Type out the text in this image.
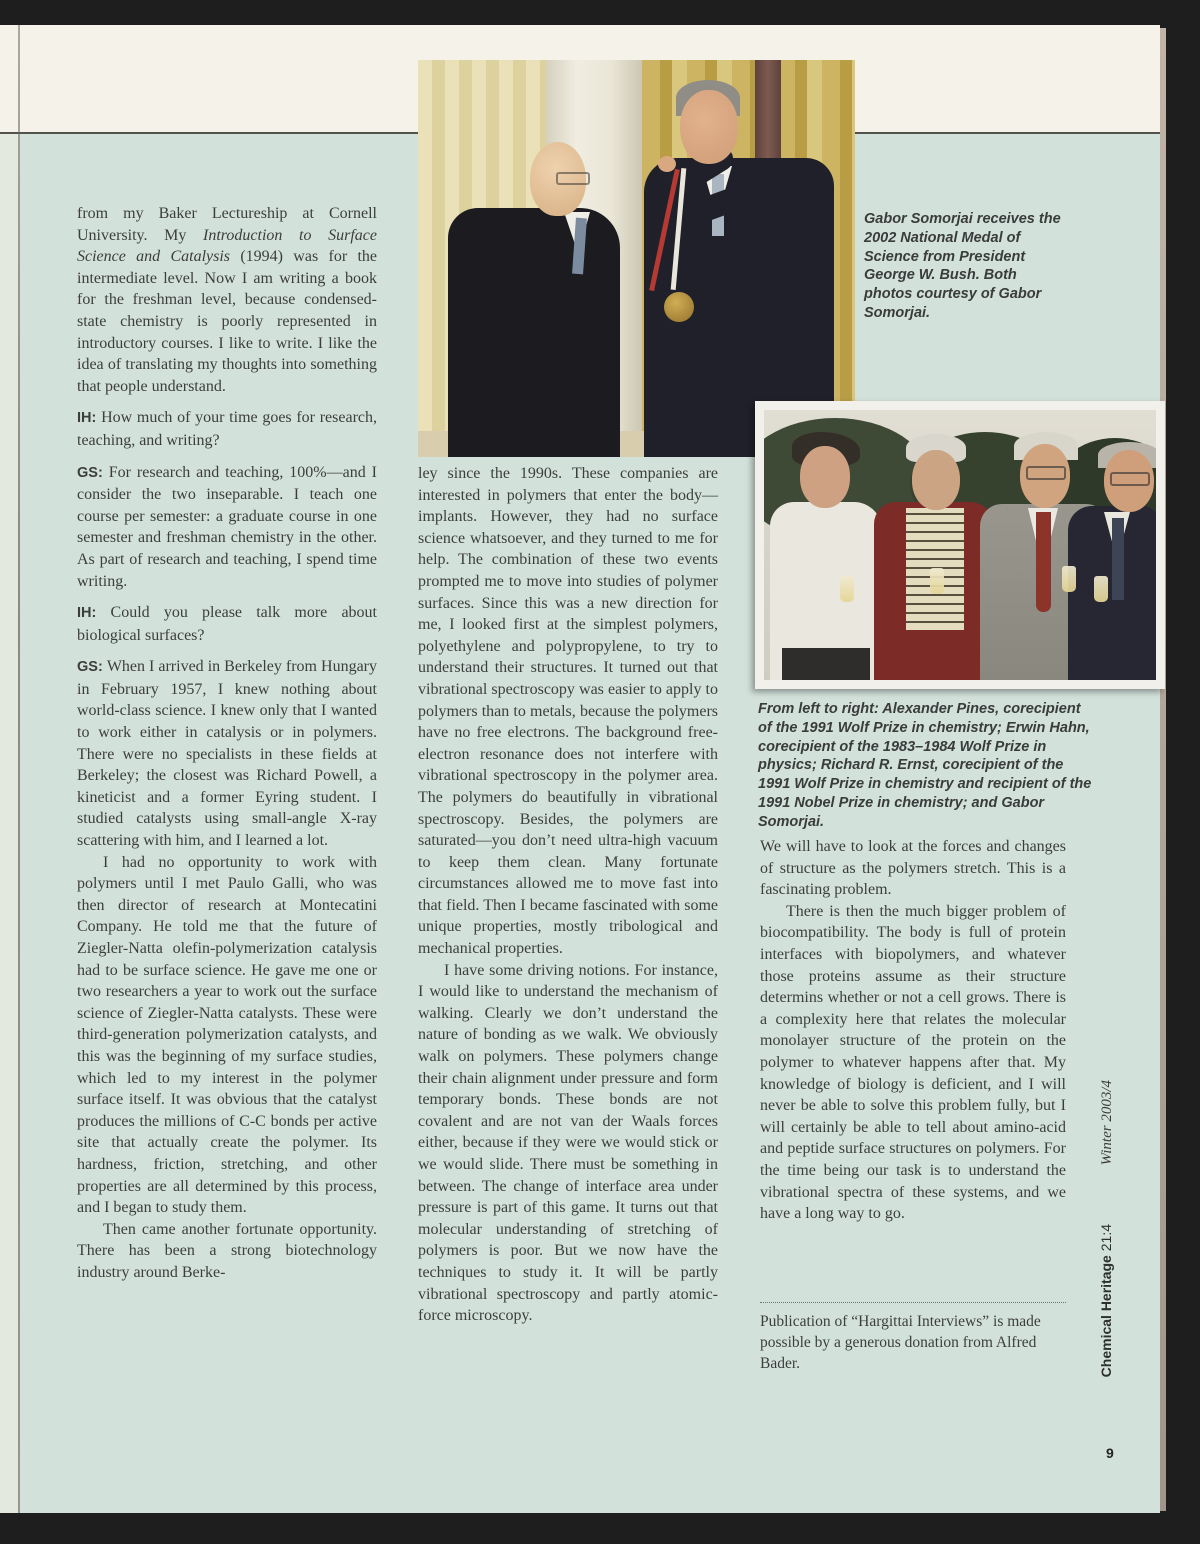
Gabor Somorjai receives the 2002 National Medal of Science from President George W. Bush. Both photos courtesy of Gabor Somorjai.
From left to right: Alexander Pines, corecipient of the 1991 Wolf Prize in chemistry; Erwin Hahn, corecipient of the 1983–1984 Wolf Prize in physics; Richard R. Ernst, corecipient of the 1991 Wolf Prize in chemistry and recipient of the 1991 Nobel Prize in chemistry; and Gabor Somorjai.

from my Baker Lectureship at Cornell University. My Introduction to Surface Science and Catalysis (1994) was for the intermediate level. Now I am writing a book for the freshman level, because condensed-state chemistry is poorly represented in introductory courses. I like to write. I like the idea of translating my thoughts into something that people understand.

IH: How much of your time goes for research, teaching, and writing?

GS: For research and teaching, 100%—and I consider the two inseparable. I teach one course per semester: a graduate course in one semester and freshman chemistry in the other. As part of research and teaching, I spend time writing.

IH: Could you please talk more about biological surfaces?

GS: When I arrived in Berkeley from Hungary in February 1957, I knew nothing about world-class science. I knew only that I wanted to work either in catalysis or in polymers. There were no specialists in these fields at Berkeley; the closest was Richard Powell, a kineticist and a former Eyring student. I studied catalysts using small-angle X-ray scattering with him, and I learned a lot.

I had no opportunity to work with polymers until I met Paulo Galli, who was then director of research at Montecatini Company. He told me that the future of Ziegler-Natta olefin-polymerization catalysis had to be surface science. He gave me one or two researchers a year to work out the surface science of Ziegler-Natta catalysts. These were third-generation polymerization catalysts, and this was the beginning of my surface studies, which led to my interest in the polymer surface itself. It was obvious that the catalyst produces the millions of C-C bonds per active site that actually create the polymer. Its hardness, friction, stretching, and other properties are all determined by this process, and I began to study them.

Then came another fortunate opportunity. There has been a strong biotechnology industry around Berke-

ley since the 1990s. These companies are interested in polymers that enter the body—implants. However, they had no surface science whatsoever, and they turned to me for help. The combination of these two events prompted me to move into studies of polymer surfaces. Since this was a new direction for me, I looked first at the simplest polymers, polyethylene and polypropylene, to try to understand their structures. It turned out that vibrational spectroscopy was easier to apply to polymers than to metals, because the polymers have no free electrons. The background free-electron resonance does not interfere with vibrational spectroscopy in the polymer area. The polymers do beautifully in vibrational spectroscopy. Besides, the polymers are saturated—you don’t need ultra-high vacuum to keep them clean. Many fortunate circumstances allowed me to move fast into that field. Then I became fascinated with some unique properties, mostly tribological and mechanical properties.

I have some driving notions. For instance, I would like to understand the mechanism of walking. Clearly we don’t understand the nature of bonding as we walk. We obviously walk on polymers. These polymers change their chain alignment under pressure and form temporary bonds. These bonds are not covalent and are not van der Waals forces either, because if they were we would stick or we would slide. There must be something in between. The change of interface area under pressure is part of this game. It turns out that molecular understanding of stretching of polymers is poor. But we now have the techniques to study it. It will be partly vibrational spectroscopy and partly atomic-force microscopy.

We will have to look at the forces and changes of structure as the polymers stretch. This is a fascinating problem.

There is then the much bigger problem of biocompatibility. The body is full of protein interfaces with biopolymers, and whatever those proteins assume as their structure determins whether or not a cell grows. There is a complexity here that relates the molecular monolayer structure of the protein on the polymer to whatever happens after that. My knowledge of biology is deficient, and I will never be able to solve this problem fully, but I will certainly be able to tell about amino-acid and peptide surface structures on polymers. For the time being our task is to understand the vibrational spectra of these systems, and we have a long way to go.

Publication of “Hargittai Interviews” is made possible by a generous donation from Alfred Bader.
Winter 2003/4
Chemical Heritage 21:4
9
